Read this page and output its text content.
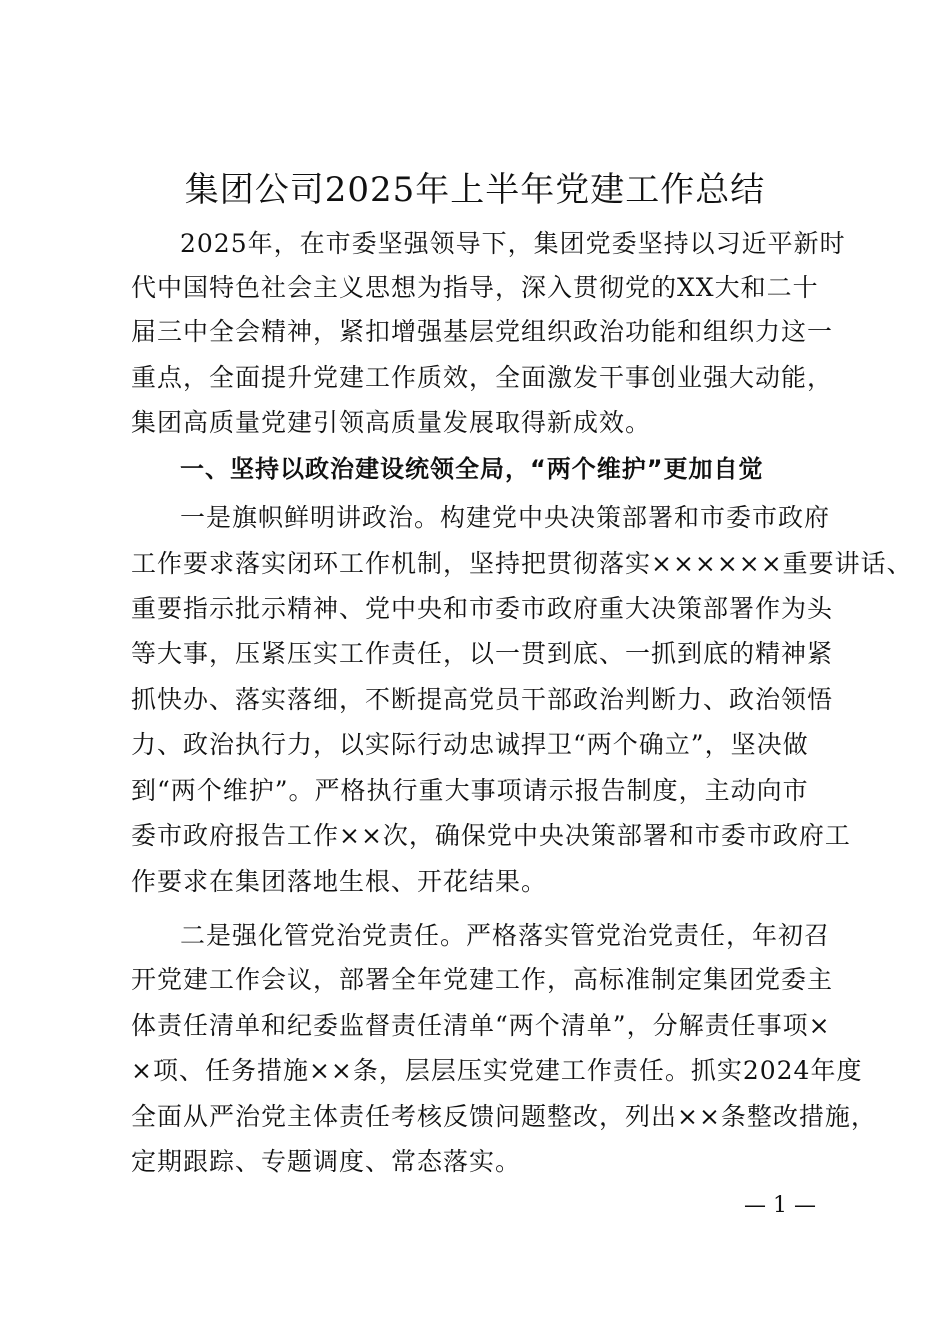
集团公司2025年上半年党建工作总结

2025年，在市委坚强领导下，集团党委坚持以习近平新时

代中国特色社会主义思想为指导，深入贯彻党的XX大和二十

届三中全会精神，紧扣增强基层党组织政治功能和组织力这一

重点，全面提升党建工作质效，全面激发干事创业强大动能，

集团高质量党建引领高质量发展取得新成效。

一、坚持以政治建设统领全局，“两个维护”更加自觉

一是旗帜鲜明讲政治。构建党中央决策部署和市委市政府

工作要求落实闭环工作机制，坚持把贯彻落实××××××重要讲话、

重要指示批示精神、党中央和市委市政府重大决策部署作为头

等大事，压紧压实工作责任，以一贯到底、一抓到底的精神紧

抓快办、落实落细，不断提高党员干部政治判断力、政治领悟

力、政治执行力，以实际行动忠诚捍卫“两个确立”，坚决做

到“两个维护”。严格执行重大事项请示报告制度，主动向市

委市政府报告工作××次，确保党中央决策部署和市委市政府工

作要求在集团落地生根、开花结果。

二是强化管党治党责任。严格落实管党治党责任，年初召

开党建工作会议，部署全年党建工作，高标准制定集团党委主

体责任清单和纪委监督责任清单“两个清单”，分解责任事项×

×项、任务措施××条，层层压实党建工作责任。抓实2024年度

全面从严治党主体责任考核反馈问题整改，列出××条整改措施，

定期跟踪、专题调度、常态落实。

— 1 —
